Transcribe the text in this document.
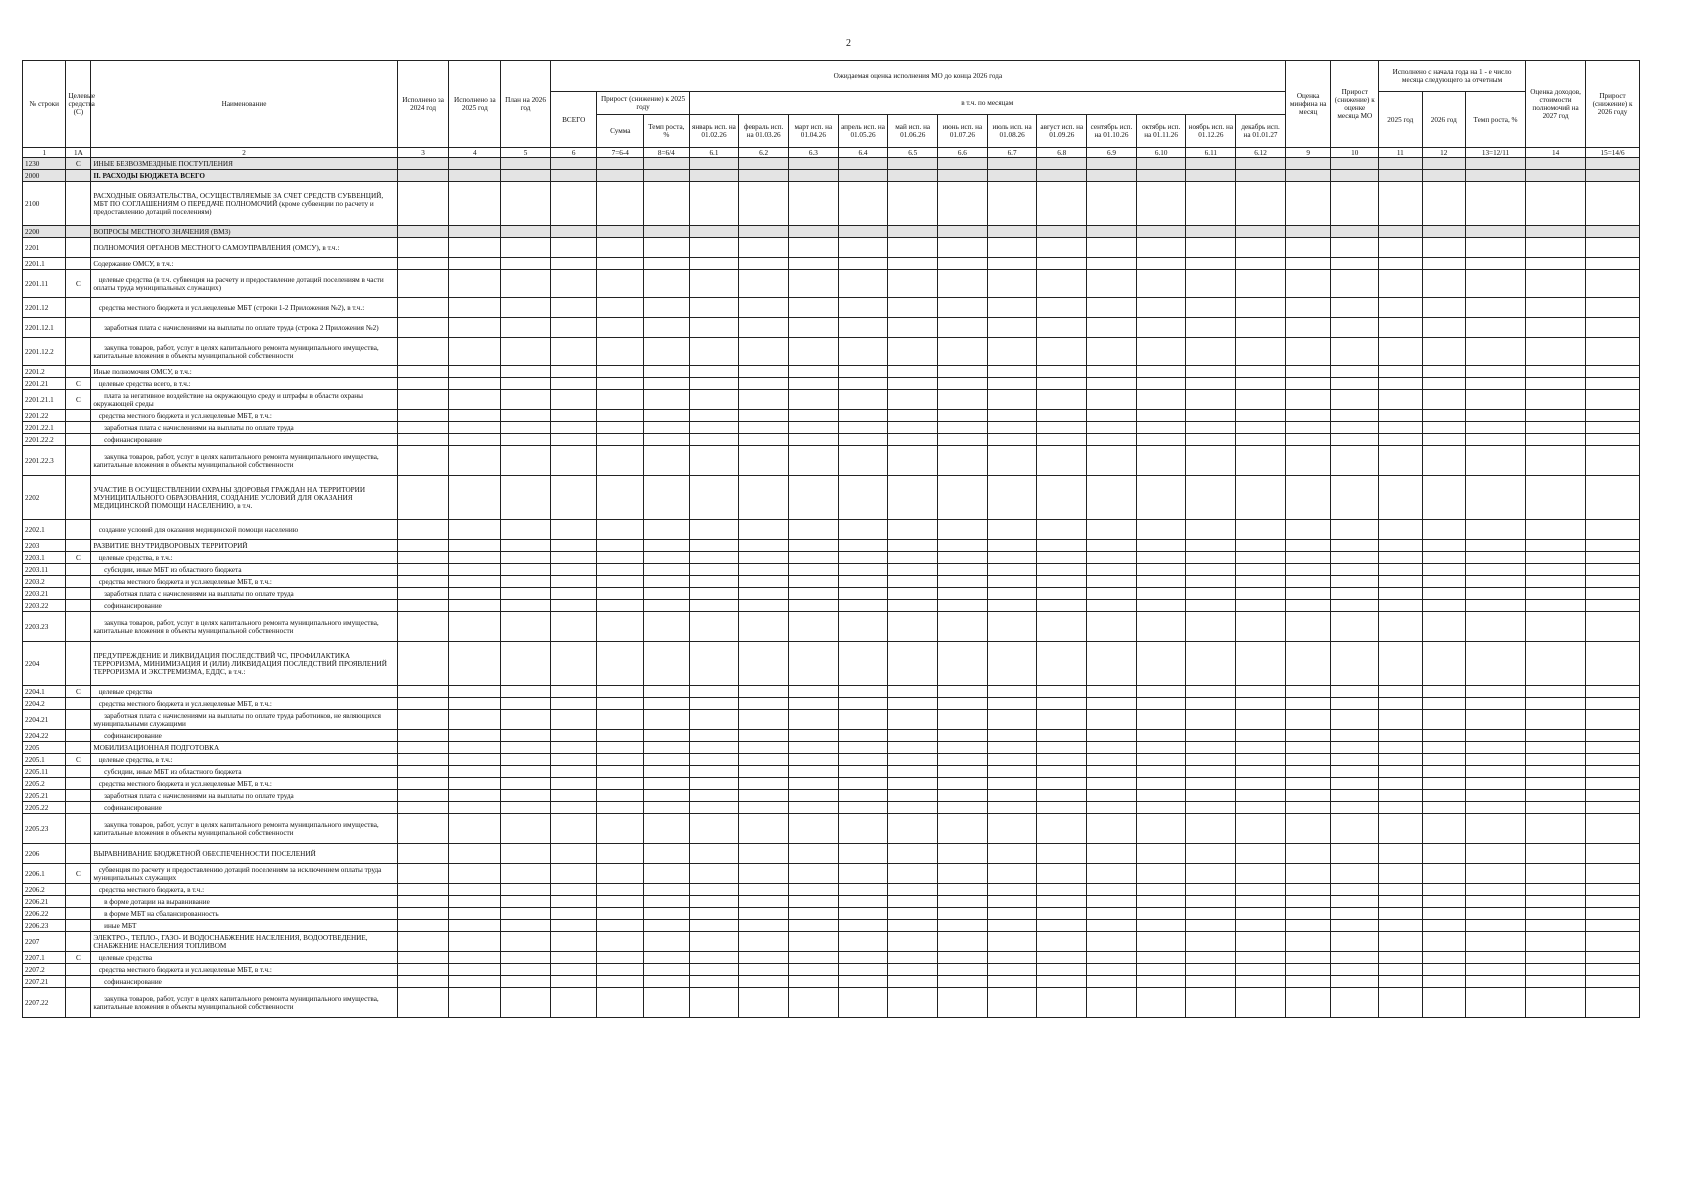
2
№ строки	Целевые средства (С)	Наименование	Исполнено за 2024 год	Исполнено за 2025 год	План на 2026 год	Ожидаемая оценка исполнения МО до конца 2026 года															Оценка минфина на месяц	Прирост (снижение) к оценке месяца МО	Исполнено с начала года на 1 - е число месяца следующего за отчетным			Оценка доходов, стоимости полномочий на 2027 год	Прирост (снижение) к 2026 году
						ВСЕГО	Прирост (снижение) к 2025 году		в т.ч. по месяцам														2025 год	2026 год	Темп роста, %		
							Сумма	Темп роста, %	январь исп. на 01.02.26	февраль исп. на 01.03.26	март исп. на 01.04.26	апрель исп. на 01.05.26	май исп. на 01.06.26	июнь исп. на 01.07.26	июль исп. на 01.08.26	август исп. на 01.09.26	сентябрь исп. на 01.10.26	октябрь исп. на 01.11.26	ноябрь исп. на 01.12.26	декабрь исп. на 01.01.27							
1	1А	2	3	4	5	6	7=6-4	8=6/4	6.1	6.2	6.3	6.4	6.5	6.6	6.7	6.8	6.9	6.10	6.11	6.12	9	10	11	12	13=12/11	14	15=14/6
1230	С	ИНЫЕ БЕЗВОЗМЕЗДНЫЕ ПОСТУПЛЕНИЯ																									
2000		II. РАСХОДЫ БЮДЖЕТА ВСЕГО																									
2100		РАСХОДНЫЕ ОБЯЗАТЕЛЬСТВА, ОСУЩЕСТВЛЯЕМЫЕ ЗА СЧЕТ СРЕДСТВ СУБВЕНЦИЙ, МБТ ПО СОГЛАШЕНИЯМ О ПЕРЕДАЧЕ ПОЛНОМОЧИЙ (кроме субвенции по расчету и предоставлению дотаций поселениям)																									
2200		ВОПРОСЫ МЕСТНОГО ЗНАЧЕНИЯ (ВМЗ)																									
2201		ПОЛНОМОЧИЯ ОРГАНОВ МЕСТНОГО САМОУПРАВЛЕНИЯ (ОМСУ), в т.ч.:																									
2201.1		Содержание ОМСУ, в т.ч.:																									
2201.11	С	целевые средства (в т.ч. субвенция на расчету и предоставление дотаций поселениям в части оплаты труда муниципальных служащих)																									
2201.12		средства местного бюджета и усл.нецелевые МБТ (строки 1-2 Приложения №2), в т.ч.:																									
2201.12.1		заработная плата с начислениями на выплаты по оплате труда (строка 2 Приложения №2)																									
2201.12.2		закупка товаров, работ, услуг в целях капитального ремонта муниципального имущества, капитальные вложения в объекты муниципальной собственности																									
2201.2		Иные полномочия ОМСУ, в т.ч.:																									
2201.21	С	целевые средства всего, в т.ч.:																									
2201.21.1	С	плата за негативное воздействие на окружающую среду и штрафы в области охраны окружающей среды																									
2201.22		средства местного бюджета и усл.нецелевые МБТ, в т.ч.:																									
2201.22.1		заработная плата с начислениями на выплаты по оплате труда																									
2201.22.2		софинансирование																									
2201.22.3		закупка товаров, работ, услуг в целях капитального ремонта муниципального имущества, капитальные вложения в объекты муниципальной собственности																									
2202		УЧАСТИЕ В ОСУЩЕСТВЛЕНИИ ОХРАНЫ ЗДОРОВЬЯ ГРАЖДАН НА ТЕРРИТОРИИ МУНИЦИПАЛЬНОГО ОБРАЗОВАНИЯ, СОЗДАНИЕ УСЛОВИЙ ДЛЯ ОКАЗАНИЯ МЕДИЦИНСКОЙ ПОМОЩИ НАСЕЛЕНИЮ, в т.ч.																									
2202.1		создание условий для оказания медицинской помощи населению																									
2203		РАЗВИТИЕ ВНУТРИДВОРОВЫХ ТЕРРИТОРИЙ																									
2203.1	С	целевые средства, в т.ч.:																									
2203.11		субсидии, иные МБТ из областного бюджета																									
2203.2		средства местного бюджета и усл.нецелевые МБТ, в т.ч.:																									
2203.21		заработная плата с начислениями на выплаты по оплате труда																									
2203.22		софинансирование																									
2203.23		закупка товаров, работ, услуг в целях капитального ремонта муниципального имущества, капитальные вложения в объекты муниципальной собственности																									
2204		ПРЕДУПРЕЖДЕНИЕ И ЛИКВИДАЦИЯ ПОСЛЕДСТВИЙ ЧС, ПРОФИЛАКТИКА ТЕРРОРИЗМА, МИНИМИЗАЦИЯ И (ИЛИ) ЛИКВИДАЦИЯ ПОСЛЕДСТВИЙ ПРОЯВЛЕНИЙ ТЕРРОРИЗМА И ЭКСТРЕМИЗМА, ЕДДС, в т.ч.:																									
2204.1	С	целевые средства																									
2204.2		средства местного бюджета и усл.нецелевые МБТ, в т.ч.:																									
2204.21		заработная плата с начислениями на выплаты по оплате труда работников, не являющихся муниципальными служащими																									
2204.22		софинансирование																									
2205		МОБИЛИЗАЦИОННАЯ ПОДГОТОВКА																									
2205.1	С	целевые средства, в т.ч.:																									
2205.11		субсидии, иные МБТ из областного бюджета																									
2205.2		средства местного бюджета и усл.нецелевые МБТ, в т.ч.:																									
2205.21		заработная плата с начислениями на выплаты по оплате труда																									
2205.22		софинансирование																									
2205.23		закупка товаров, работ, услуг в целях капитального ремонта муниципального имущества, капитальные вложения в объекты муниципальной собственности																									
2206		ВЫРАВНИВАНИЕ БЮДЖЕТНОЙ ОБЕСПЕЧЕННОСТИ ПОСЕЛЕНИЙ																									
2206.1	С	субвенция по расчету и предоставлению дотаций поселениям за исключением оплаты труда муниципальных служащих																									
2206.2		средства местного бюджета, в т.ч.:																									
2206.21		в форме дотации на выравнивание																									
2206.22		в форме МБТ на сбалансированность																									
2206.23		иные МБТ																									
2207		ЭЛЕКТРО-, ТЕПЛО-, ГАЗО- И ВОДОСНАБЖЕНИЕ НАСЕЛЕНИЯ, ВОДООТВЕДЕНИЕ, СНАБЖЕНИЕ НАСЕЛЕНИЯ ТОПЛИВОМ																									
2207.1	С	целевые средства																									
2207.2		средства местного бюджета и усл.нецелевые МБТ, в т.ч.:																									
2207.21		софинансирование																									
2207.22		закупка товаров, работ, услуг в целях капитального ремонта муниципального имущества, капитальные вложения в объекты муниципальной собственности																									
